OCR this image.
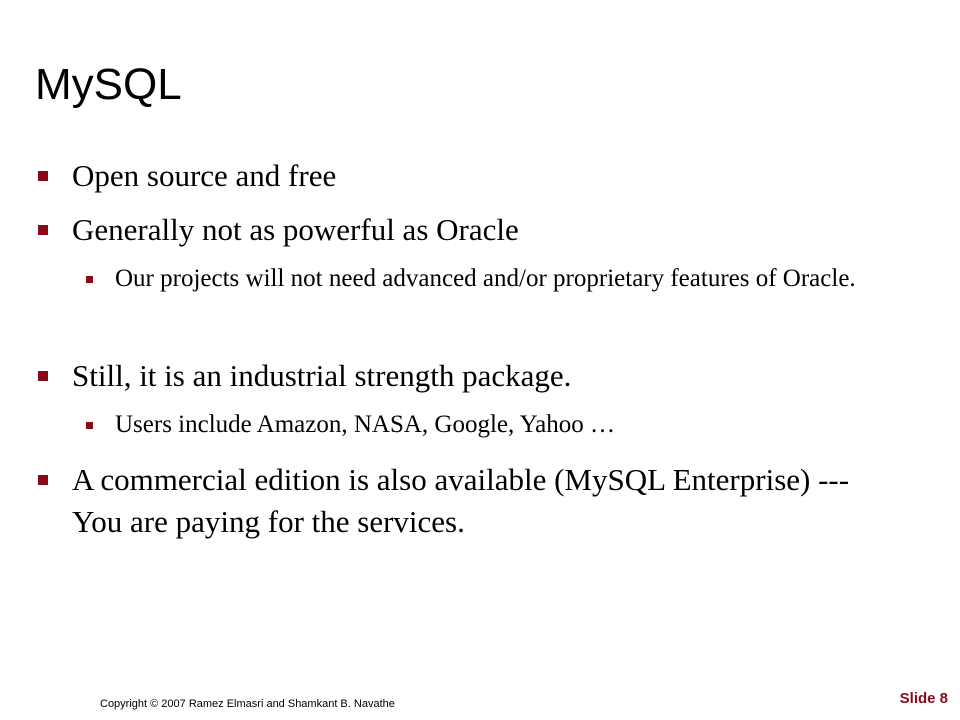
MySQL
Open source and free
Generally not as powerful as Oracle
Our projects will not need advanced and/or proprietary features of Oracle.
Still, it is an industrial strength package.
Users include Amazon, NASA, Google, Yahoo …
A commercial edition is also available (MySQL Enterprise) --- You are paying for the services.
Copyright © 2007 Ramez Elmasri and Shamkant B. Navathe	Slide 8
